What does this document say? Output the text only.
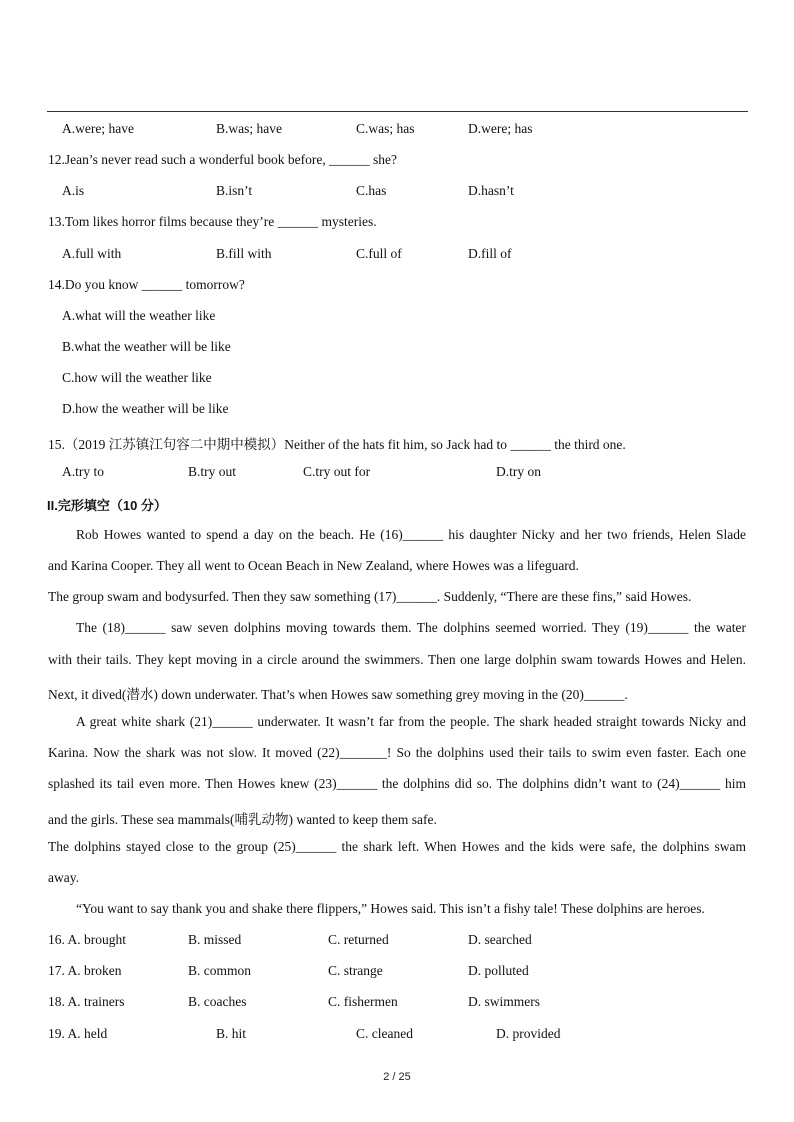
A.were; have	B.was; have	C.was; has	D.were; has
12.Jean’s never read such a wonderful book before, ______ she?
A.is	B.isn’t	C.has	D.hasn’t
13.Tom likes horror films because they’re ______ mysteries.
A.full with	B.fill with	C.full of	D.fill of
14.Do you know ______ tomorrow?
A.what will the weather like
B.what the weather will be like
C.how will the weather like
D.how the weather will be like
15.（2019 江苏镇江句容二中期中模拟）Neither of the hats fit him, so Jack had to ______ the third one.
A.try to	B.try out	C.try out for	D.try on
II.完形填空（10 分）
Rob Howes wanted to spend a day on the beach. He (16)______ his daughter Nicky and her two friends, Helen Slade
and Karina Cooper. They all went to Ocean Beach in New Zealand, where Howes was a lifeguard.
The group swam and bodysurfed. Then they saw something (17)______. Suddenly, “There are these fins,” said Howes.
The (18)______ saw seven dolphins moving towards them. The dolphins seemed worried. They (19)______ the water
with their tails. They kept moving in a circle around the swimmers. Then one large dolphin swam towards Howes and Helen.
Next, it dived(潜水) down underwater. That’s when Howes saw something grey moving in the (20)______.
A great white shark (21)______ underwater. It wasn’t far from the people. The shark headed straight towards Nicky and
Karina. Now the shark was not slow. It moved (22)_______! So the dolphins used their tails to swim even faster. Each one
splashed its tail even more. Then Howes knew (23)______ the dolphins did so. The dolphins didn’t want to (24)______ him
and the girls. These sea mammals(哺乳动物) wanted to keep them safe.
The dolphins stayed close to the group (25)______ the shark left. When Howes and the kids were safe, the dolphins swam
away.
“You want to say thank you and shake there flippers,” Howes said. This isn’t a fishy tale! These dolphins are heroes.
16. A. brought	B. missed	C. returned	D. searched
17. A. broken	B. common	C. strange	D. polluted
18. A. trainers	B. coaches	C. fishermen	D. swimmers
19. A. held	B. hit	C. cleaned	D. provided
2 / 25
